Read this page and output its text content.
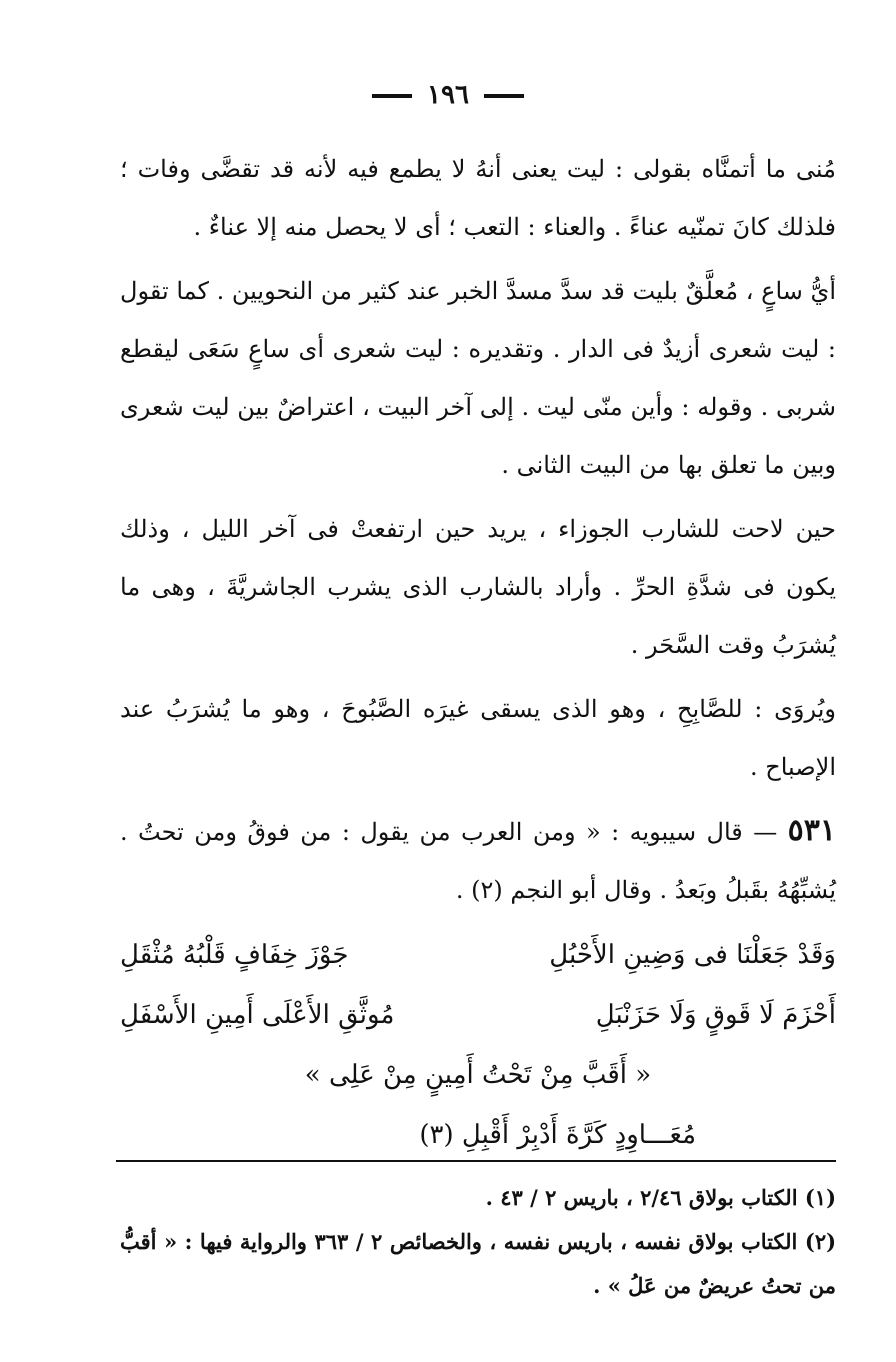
١٩٦

مُنى ما أتمنَّاه بقولى : ليت يعنى أنهُ لا يطمع فيه لأنه قد تقضَّى وفات ؛ فلذلك كانَ تمنّيه عناءً . والعناء : التعب ؛ أى لا يحصل منه إلا عناءٌ .

أيُّ ساعٍ ، مُعلَّقٌ بليت قد سدَّ مسدَّ الخبر عند كثير من النحويين . كما تقول : ليت شعرى أزيدٌ فى الدار . وتقديره : ليت شعرى أى ساعٍ سَعَى ليقطع شربى . وقوله : وأين منّى ليت . إلى آخر البيت ، اعتراضٌ بين ليت شعرى وبين ما تعلق بها من البيت الثانى .

حين لاحت للشارب الجوزاء ، يريد حين ارتفعتْ فى آخر الليل ، وذلك يكون فى شدَّةِ الحرِّ . وأراد بالشارب الذى يشرب الجاشريَّةَ ، وهى ما يُشرَبُ وقت السَّحَر .

ويُروَى : للصَّابِحِ ، وهو الذى يسقى غيرَه الصَّبُوحَ ، وهو ما يُشرَبُ عند الإصباح .

٥٣١ — قال سيبويه : « ومن العرب من يقول : من فوقُ ومن تحتُ . يُشبِّهُهُ بقَبلُ وبَعدُ . وقال أبو النجم (٢) .

وَقَدْ جَعَلْنَا فى وَضِينِ الأَحْبُلِ
جَوْزَ خِفَافٍ قَلْبُهُ مُثْقَلِ
أَحْزَمَ لَا قَوقٍ وَلَا حَزَنْبَلِ
مُوثَّقِ الأَعْلَى أَمِينِ الأَسْفَلِ
« أَقَبَّ مِنْ تَحْتُ أَمِينٍ مِنْ عَلِى »
مُعَـــاوِدٍ كَرَّةَ أَدْبِرْ أَقْبِلِ (٣)

(١) الكتاب بولاق ٢/٤٦ ، باريس ٢ / ٤٣ .

(٢) الكتاب بولاق نفسه ، باريس نفسه ، والخصائص ٢ / ٣٦٣ والرواية فيها : « أقبُّ من تحتُ عريضٌ من عَلُ » .
